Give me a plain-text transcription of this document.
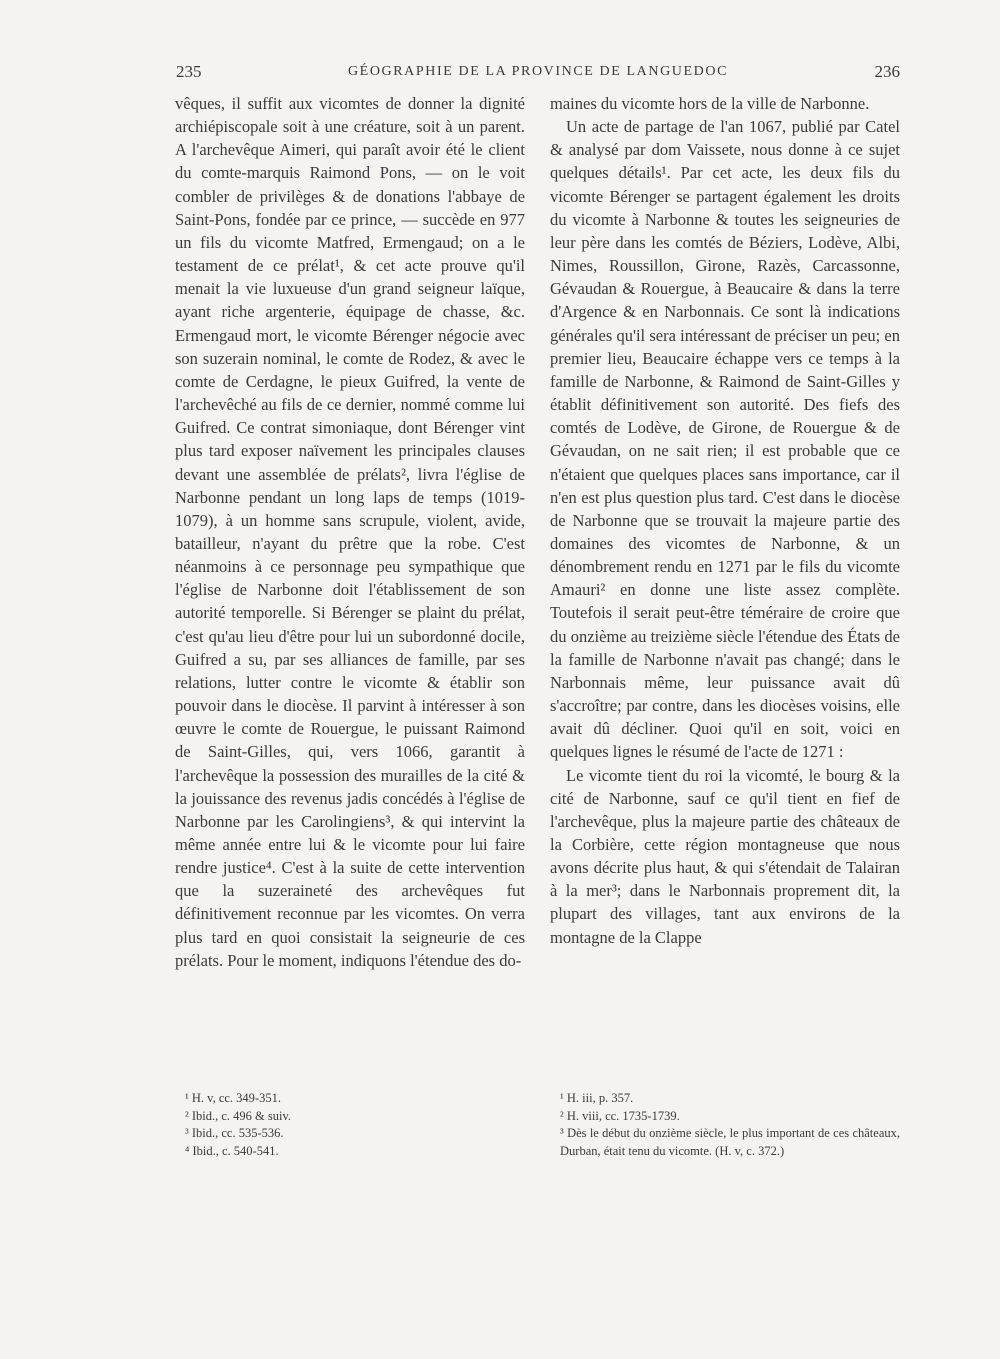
235	GÉOGRAPHIE DE LA PROVINCE DE LANGUEDOC	236

vêques, il suffit aux vicomtes de donner la dignité archiépiscopale soit à une créature, soit à un parent. A l'archevêque Aimeri, qui paraît avoir été le client du comte-marquis Raimond Pons, — on le voit combler de privilèges & de donations l'abbaye de Saint-Pons, fondée par ce prince, — succède en 977 un fils du vicomte Matfred, Ermengaud; on a le testament de ce prélat¹, & cet acte prouve qu'il menait la vie luxueuse d'un grand seigneur laïque, ayant riche argenterie, équipage de chasse, &c. Ermengaud mort, le vicomte Bérenger négocie avec son suzerain nominal, le comte de Rodez, & avec le comte de Cerdagne, le pieux Guifred, la vente de l'archevêché au fils de ce dernier, nommé comme lui Guifred. Ce contrat simoniaque, dont Bérenger vint plus tard exposer naïvement les principales clauses devant une assemblée de prélats², livra l'église de Narbonne pendant un long laps de temps (1019-1079), à un homme sans scrupule, violent, avide, batailleur, n'ayant du prêtre que la robe. C'est néanmoins à ce personnage peu sympathique que l'église de Narbonne doit l'établissement de son autorité temporelle. Si Bérenger se plaint du prélat, c'est qu'au lieu d'être pour lui un subordonné docile, Guifred a su, par ses alliances de famille, par ses relations, lutter contre le vicomte & établir son pouvoir dans le diocèse. Il parvint à intéresser à son œuvre le comte de Rouergue, le puissant Raimond de Saint-Gilles, qui, vers 1066, garantit à l'archevêque la possession des murailles de la cité & la jouissance des revenus jadis concédés à l'église de Narbonne par les Carolingiens³, & qui intervint la même année entre lui & le vicomte pour lui faire rendre justice⁴. C'est à la suite de cette intervention que la suzeraineté des archevêques fut définitivement reconnue par les vicomtes. On verra plus tard en quoi consistait la seigneurie de ces prélats. Pour le moment, indiquons l'étendue des do-

maines du vicomte hors de la ville de Narbonne.

Un acte de partage de l'an 1067, publié par Catel & analysé par dom Vaissete, nous donne à ce sujet quelques détails¹. Par cet acte, les deux fils du vicomte Bérenger se partagent également les droits du vicomte à Narbonne & toutes les seigneuries de leur père dans les comtés de Béziers, Lodève, Albi, Nimes, Roussillon, Girone, Razès, Carcassonne, Gévaudan & Rouergue, à Beaucaire & dans la terre d'Argence & en Narbonnais. Ce sont là indications générales qu'il sera intéressant de préciser un peu; en premier lieu, Beaucaire échappe vers ce temps à la famille de Narbonne, & Raimond de Saint-Gilles y établit définitivement son autorité. Des fiefs des comtés de Lodève, de Girone, de Rouergue & de Gévaudan, on ne sait rien; il est probable que ce n'étaient que quelques places sans importance, car il n'en est plus question plus tard. C'est dans le diocèse de Narbonne que se trouvait la majeure partie des domaines des vicomtes de Narbonne, & un dénombrement rendu en 1271 par le fils du vicomte Amauri² en donne une liste assez complète. Toutefois il serait peut-être téméraire de croire que du onzième au treizième siècle l'étendue des États de la famille de Narbonne n'avait pas changé; dans le Narbonnais même, leur puissance avait dû s'accroître; par contre, dans les diocèses voisins, elle avait dû décliner. Quoi qu'il en soit, voici en quelques lignes le résumé de l'acte de 1271 :

Le vicomte tient du roi la vicomté, le bourg & la cité de Narbonne, sauf ce qu'il tient en fief de l'archevêque, plus la majeure partie des châteaux de la Corbière, cette région montagneuse que nous avons décrite plus haut, & qui s'étendait de Talairan à la mer³; dans le Narbonnais proprement dit, la plupart des villages, tant aux environs de la montagne de la Clappe

¹ H. v, cc. 349-351.
² Ibid., c. 496 & suiv.
³ Ibid., cc. 535-536.
⁴ Ibid., c. 540-541.
¹ H. iii, p. 357.
² H. viii, cc. 1735-1739.
³ Dès le début du onzième siècle, le plus important de ces châteaux, Durban, était tenu du vicomte. (H. v, c. 372.)
